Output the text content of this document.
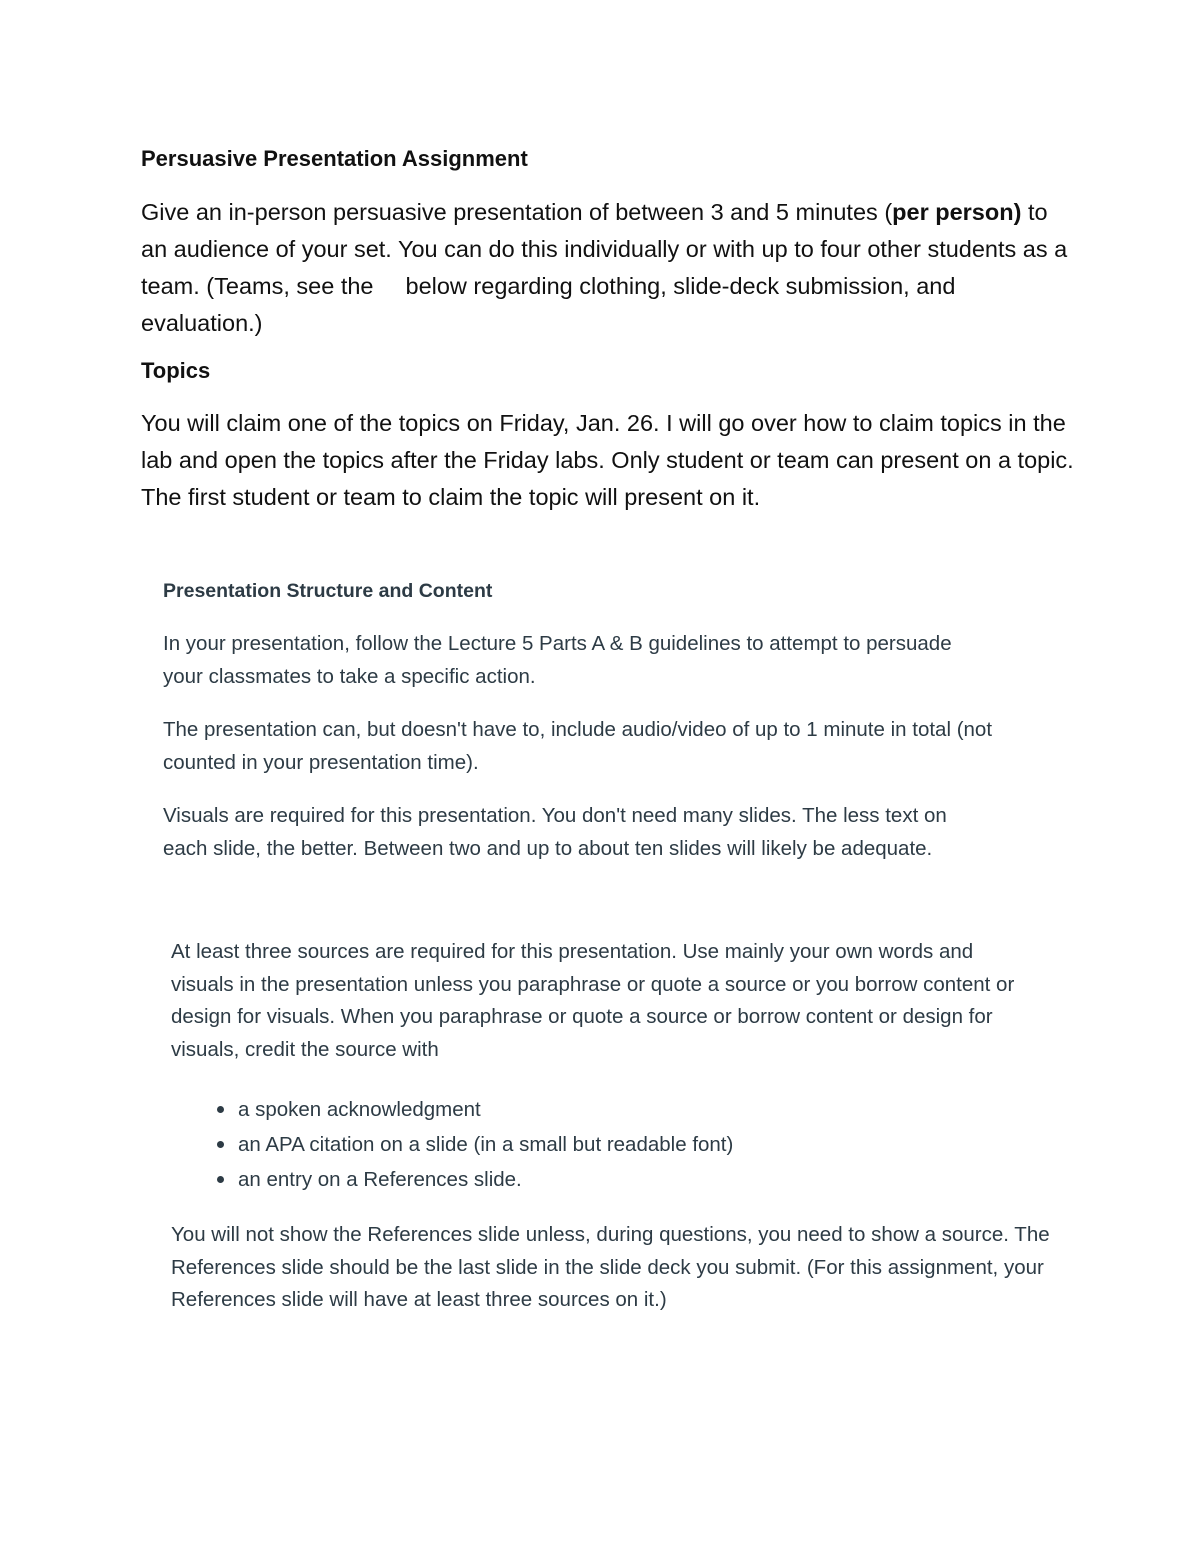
Persuasive Presentation Assignment

Give an in-person persuasive presentation of between 3 and 5 minutes (per person) to an audience of your set. You can do this individually or with up to four other students as a team. (Teams, see the below regarding clothing, slide-deck submission, and evaluation.)

Topics

You will claim one of the topics on Friday, Jan. 26. I will go over how to claim topics in the lab and open the topics after the Friday labs. Only student or team can present on a topic. The first student or team to claim the topic will present on it.

Presentation Structure and Content

In your presentation, follow the Lecture 5 Parts A & B guidelines to attempt to persuade your classmates to take a specific action.

The presentation can, but doesn't have to, include audio/video of up to 1 minute in total (not counted in your presentation time).

Visuals are required for this presentation. You don't need many slides. The less text on each slide, the better. Between two and up to about ten slides will likely be adequate.

At least three sources are required for this presentation. Use mainly your own words and visuals in the presentation unless you paraphrase or quote a source or you borrow content or design for visuals. When you paraphrase or quote a source or borrow content or design for visuals, credit the source with

a spoken acknowledgment
an APA citation on a slide (in a small but readable font)
an entry on a References slide.

You will not show the References slide unless, during questions, you need to show a source. The References slide should be the last slide in the slide deck you submit. (For this assignment, your References slide will have at least three sources on it.)
